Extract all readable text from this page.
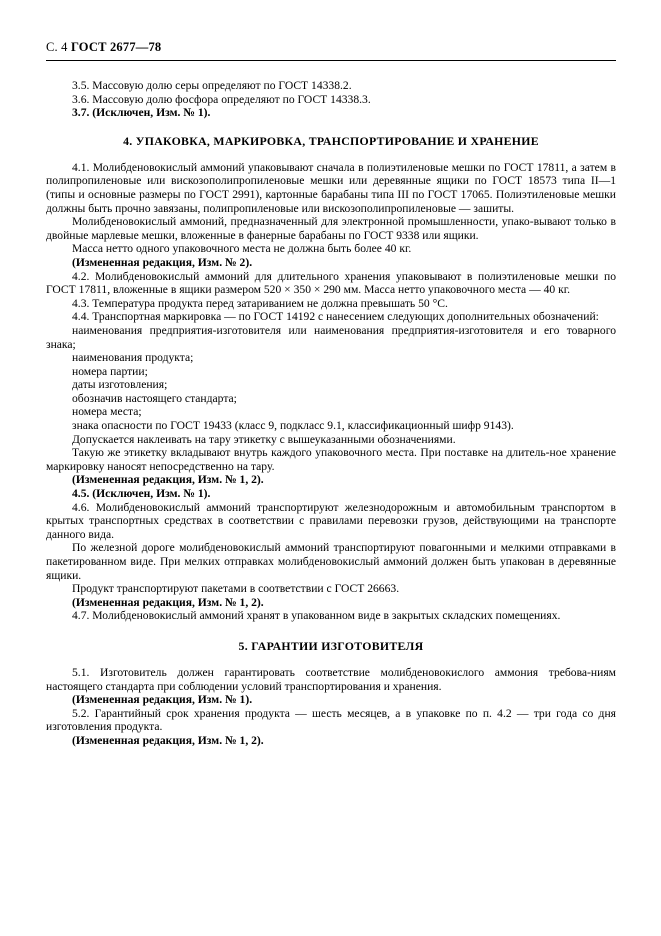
С. 4 ГОСТ 2677—78

3.5. Массовую долю серы определяют по ГОСТ 14338.2.

3.6. Массовую долю фосфора определяют по ГОСТ 14338.3.

3.7. (Исключен, Изм. № 1).

4. УПАКОВКА, МАРКИРОВКА, ТРАНСПОРТИРОВАНИЕ И ХРАНЕНИЕ

4.1. Молибденовокислый аммоний упаковывают сначала в полиэтиленовые мешки по ГОСТ 17811, а затем в полипропиленовые или вискозополипропиленовые мешки или деревянные ящики по ГОСТ 18573 типа II—1 (типы и основные размеры по ГОСТ 2991), картонные барабаны типа III по ГОСТ 17065. Полиэтиленовые мешки должны быть прочно завязаны, полипропиленовые или вискозополипропиленовые — зашиты.

Молибденовокислый аммоний, предназначенный для электронной промышленности, упако-вывают только в двойные марлевые мешки, вложенные в фанерные барабаны по ГОСТ 9338 или ящики.

Масса нетто одного упаковочного места не должна быть более 40 кг.

(Измененная редакция, Изм. № 2).

4.2. Молибденовокислый аммоний для длительного хранения упаковывают в полиэтиленовые мешки по ГОСТ 17811, вложенные в ящики размером 520 × 350 × 290 мм. Масса нетто упаковочного места — 40 кг.

4.3. Температура продукта перед затариванием не должна превышать 50 °С.

4.4. Транспортная маркировка — по ГОСТ 14192 с нанесением следующих дополнительных обозначений:

наименования предприятия-изготовителя или наименования предприятия-изготовителя и его товарного знака;

наименования продукта;

номера партии;

даты изготовления;

обозначив настоящего стандарта;

номера места;

знака опасности по ГОСТ 19433 (класс 9, подкласс 9.1, классификационный шифр 9143).

Допускается наклеивать на тару этикетку с вышеуказанными обозначениями.

Такую же этикетку вкладывают внутрь каждого упаковочного места. При поставке на длитель-ное хранение маркировку наносят непосредственно на тару.

(Измененная редакция, Изм. № 1, 2).

4.5. (Исключен, Изм. № 1).

4.6. Молибденовокислый аммоний транспортируют железнодорожным и автомобильным транспортом в крытых транспортных средствах в соответствии с правилами перевозки грузов, действующими на транспорте данного вида.

По железной дороге молибденовокислый аммоний транспортируют повагонными и мелкими отправками в пакетированном виде. При мелких отправках молибденовокислый аммоний должен быть упакован в деревянные ящики.

Продукт транспортируют пакетами в соответствии с ГОСТ 26663.

(Измененная редакция, Изм. № 1, 2).

4.7. Молибденовокислый аммоний хранят в упакованном виде в закрытых складских помещениях.

5. ГАРАНТИИ ИЗГОТОВИТЕЛЯ

5.1. Изготовитель должен гарантировать соответствие молибденовокислого аммония требова-ниям настоящего стандарта при соблюдении условий транспортирования и хранения.

(Измененная редакция, Изм. № 1).

5.2. Гарантийный срок хранения продукта — шесть месяцев, а в упаковке по п. 4.2 — три года со дня изготовления продукта.

(Измененная редакция, Изм. № 1, 2).
